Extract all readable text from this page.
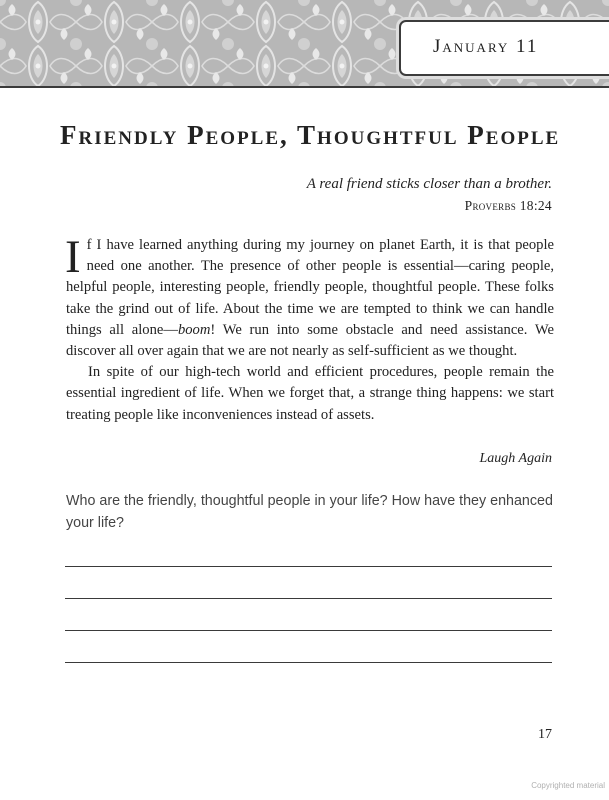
January 11
Friendly People, Thoughtful People
A real friend sticks closer than a brother.
Proverbs 18:24

If I have learned anything during my journey on planet Earth, it is that people need one another. The presence of other people is essential—caring people, helpful people, interesting people, friendly people, thoughtful people. These folks take the grind out of life. About the time we are tempted to think we can handle things all alone—boom! We run into some obstacle and need assistance. We discover all over again that we are not nearly as self-sufficient as we thought.

In spite of our high-tech world and efficient procedures, people remain the essential ingredient of life. When we forget that, a strange thing happens: we start treating people like inconveniences instead of assets.

Laugh Again
Who are the friendly, thoughtful people in your life? How have they enhanced your life?
17
Copyrighted material
